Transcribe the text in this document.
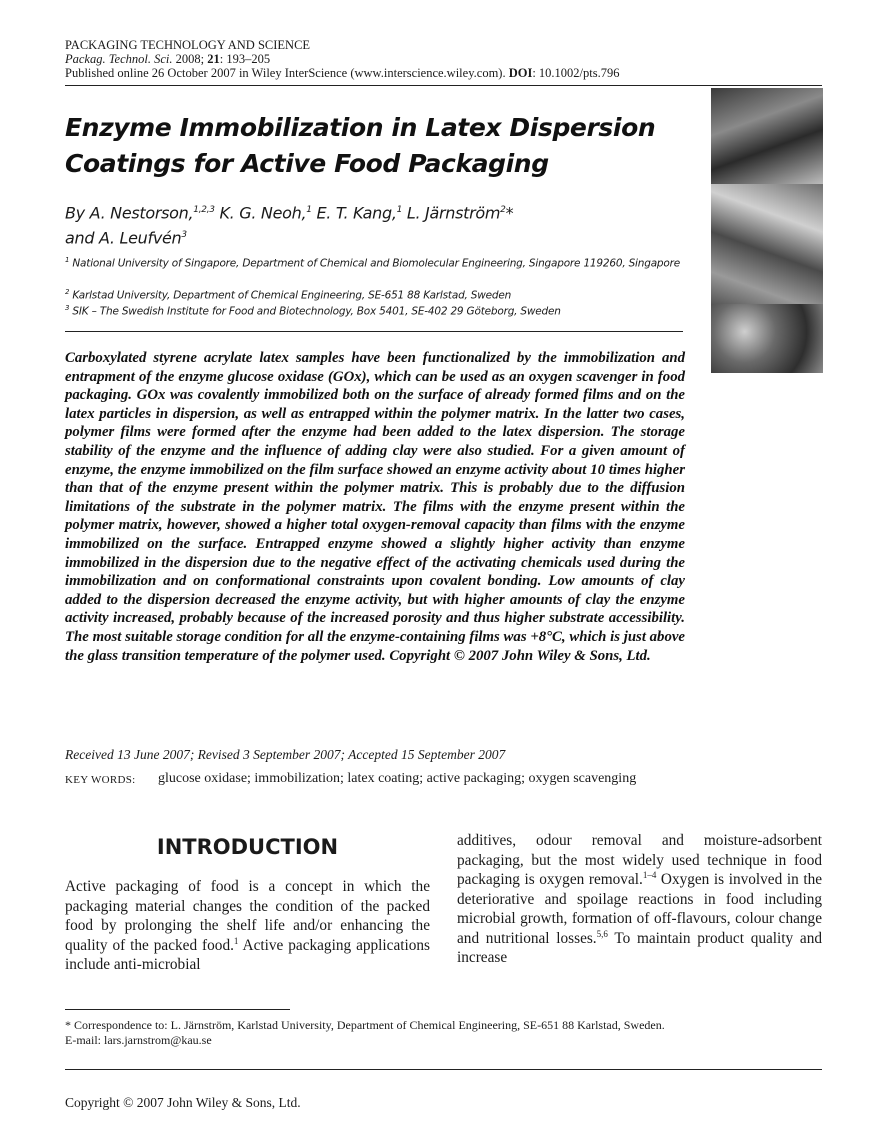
PACKAGING TECHNOLOGY AND SCIENCE
Packag. Technol. Sci. 2008; 21: 193–205
Published online 26 October 2007 in Wiley InterScience (www.interscience.wiley.com). DOI: 10.1002/pts.796
Enzyme Immobilization in Latex Dispersion
Coatings for Active Food Packaging
By A. Nestorson,$^{1,2,3}$ K. G. Neoh,$^1$ E. T. Kang,$^1$ L. Järnström$^2$*
and A. Leufvén$^3$
$^1$ National University of Singapore, Department of Chemical and Biomolecular Engineering, Singapore 119260, Singapore
$^2$ Karlstad University, Department of Chemical Engineering, SE-651 88 Karlstad, Sweden
$^3$ SIK – The Swedish Institute for Food and Biotechnology, Box 5401, SE-402 29 Göteborg, Sweden
Carboxylated styrene acrylate latex samples have been functionalized by the immobilization and entrapment of the enzyme glucose oxidase (GOx), which can be used as an oxygen scavenger in food packaging. GOx was covalently immobilized both on the surface of already formed films and on the latex particles in dispersion, as well as entrapped within the polymer matrix. In the latter two cases, polymer films were formed after the enzyme had been added to the latex dispersion. The storage stability of the enzyme and the influence of adding clay were also studied. For a given amount of enzyme, the enzyme immobilized on the film surface showed an enzyme activity about 10 times higher than that of the enzyme present within the polymer matrix. This is probably due to the diffusion limitations of the substrate in the polymer matrix. The films with the enzyme present within the polymer matrix, however, showed a higher total oxygen-removal capacity than films with the enzyme immobilized on the surface. Entrapped enzyme showed a slightly higher activity than enzyme immobilized in the dispersion due to the negative effect of the activating chemicals used during the immobilization and on conformational constraints upon covalent bonding. Low amounts of clay added to the dispersion decreased the enzyme activity, but with higher amounts of clay the enzyme activity increased, probably because of the increased porosity and thus higher substrate accessibility. The most suitable storage condition for all the enzyme-containing films was +8°C, which is just above the glass transition temperature of the polymer used. Copyright © 2007 John Wiley & Sons, Ltd.
Received 13 June 2007; Revised 3 September 2007; Accepted 15 September 2007
KEY WORDS: glucose oxidase; immobilization; latex coating; active packaging; oxygen scavenging
INTRODUCTION
Active packaging of food is a concept in which the packaging material changes the condition of the packed food by prolonging the shelf life and/or enhancing the quality of the packed food.$^1$ Active packaging applications include anti-microbial
additives, odour removal and moisture-adsorbent packaging, but the most widely used technique in food packaging is oxygen removal.$^{1-4}$ Oxygen is involved in the deteriorative and spoilage reactions in food including microbial growth, formation of off-flavours, colour change and nutritional losses.$^{5,6}$ To maintain product quality and increase
* Correspondence to: L. Järnström, Karlstad University, Department of Chemical Engineering, SE-651 88 Karlstad, Sweden.
E-mail: lars.jarnstrom@kau.se
Copyright © 2007 John Wiley & Sons, Ltd.
